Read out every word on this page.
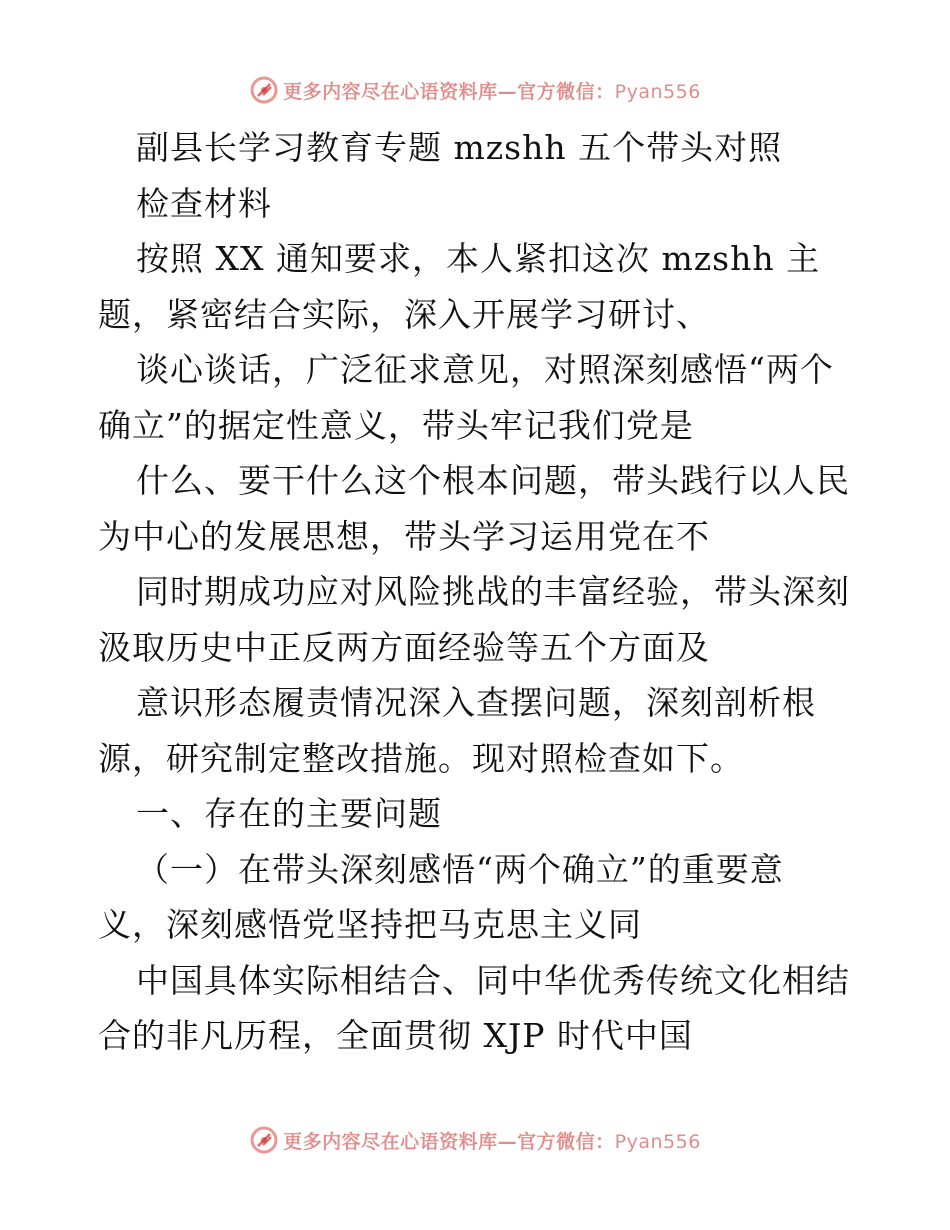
更多内容尽在心语资料库—官方微信：Pyan556
副县长学习教育专题 mzshh 五个带头对照
检查材料
按照 XX 通知要求，本人紧扣这次 mzshh 主
题，紧密结合实际，深入开展学习研讨、
谈心谈话，广泛征求意见，对照深刻感悟“两个
确立”的据定性意义，带头牢记我们党是
什么、要干什么这个根本问题，带头践行以人民
为中心的发展思想，带头学习运用党在不
同时期成功应对风险挑战的丰富经验，带头深刻
汲取历史中正反两方面经验等五个方面及
意识形态履责情况深入查摆问题，深刻剖析根
源，研究制定整改措施。现对照检查如下。
一、存在的主要问题
（一）在带头深刻感悟“两个确立”的重要意
义，深刻感悟党坚持把马克思主义同
中国具体实际相结合、同中华优秀传统文化相结
合的非凡历程，全面贯彻 XJP 时代中国
更多内容尽在心语资料库—官方微信：Pyan556
